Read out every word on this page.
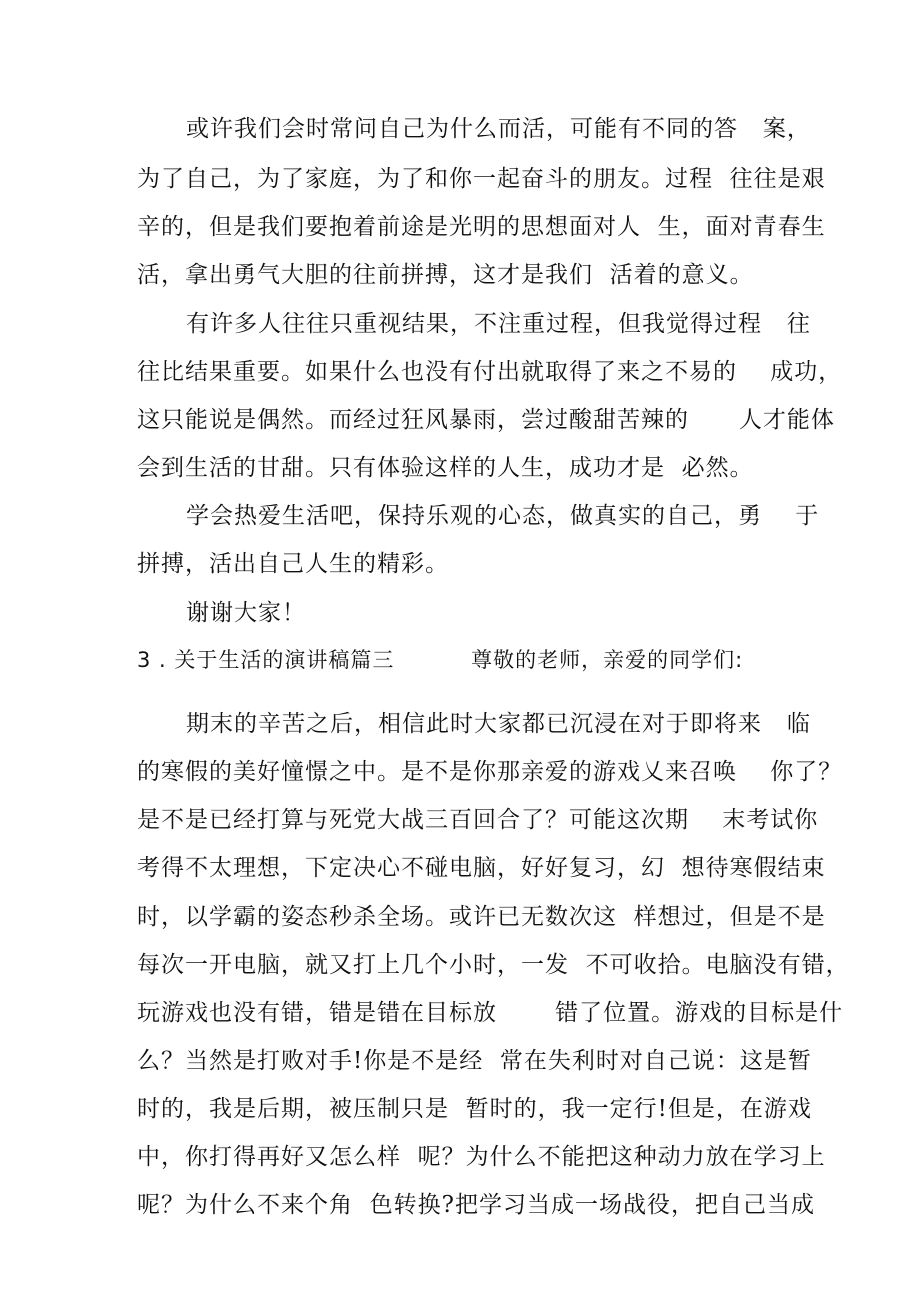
或许我们会时常问自己为什么而活，可能有不同的答   案，
为了自己，为了家庭，为了和你一起奋斗的朋友。过程  往往是艰
辛的，但是我们要抱着前途是光明的思想面对人  生，面对青春生
活，拿出勇气大胆的往前拼搏，这才是我们  活着的意义。
有许多人往往只重视结果，不注重过程，但我觉得过程   往
往比结果重要。如果什么也没有付出就取得了来之不易的    成功，
这只能说是偶然。而经过狂风暴雨，尝过酸甜苦辣的      人才能体
会到生活的甘甜。只有体验这样的人生，成功才是  必然。
学会热爱生活吧，保持乐观的心态，做真实的自己，勇    于
拼搏，活出自己人生的精彩。
谢谢大家！
3 . 关于生活的演讲稿篇三          尊敬的老师，亲爱的同学们:
期末的辛苦之后，相信此时大家都已沉浸在对于即将来   临
的寒假的美好憧憬之中。是不是你那亲爱的游戏乂来召唤    你了？
是不是已经打算与死党大战三百回合了？可能这次期    末考试你
考得不太理想，下定决心不碰电脑，好好复习，幻  想待寒假结束
时，以学霸的姿态秒杀全场。或许已无数次这  样想过，但是不是
每次一开电脑，就又打上几个小时，一发  不可收拾。电脑没有错，
玩游戏也没有错，错是错在目标放       错了位置。游戏的目标是什
么？当然是打败对手!你是不是经  常在失利时对自己说：这是暂
时的，我是后期，被压制只是  暂时的，我一定行!但是，在游戏
中，你打得再好又怎么样  呢？为什么不能把这种动力放在学习上
呢？为什么不来个角  色转换?把学习当成一场战役，把自己当成
